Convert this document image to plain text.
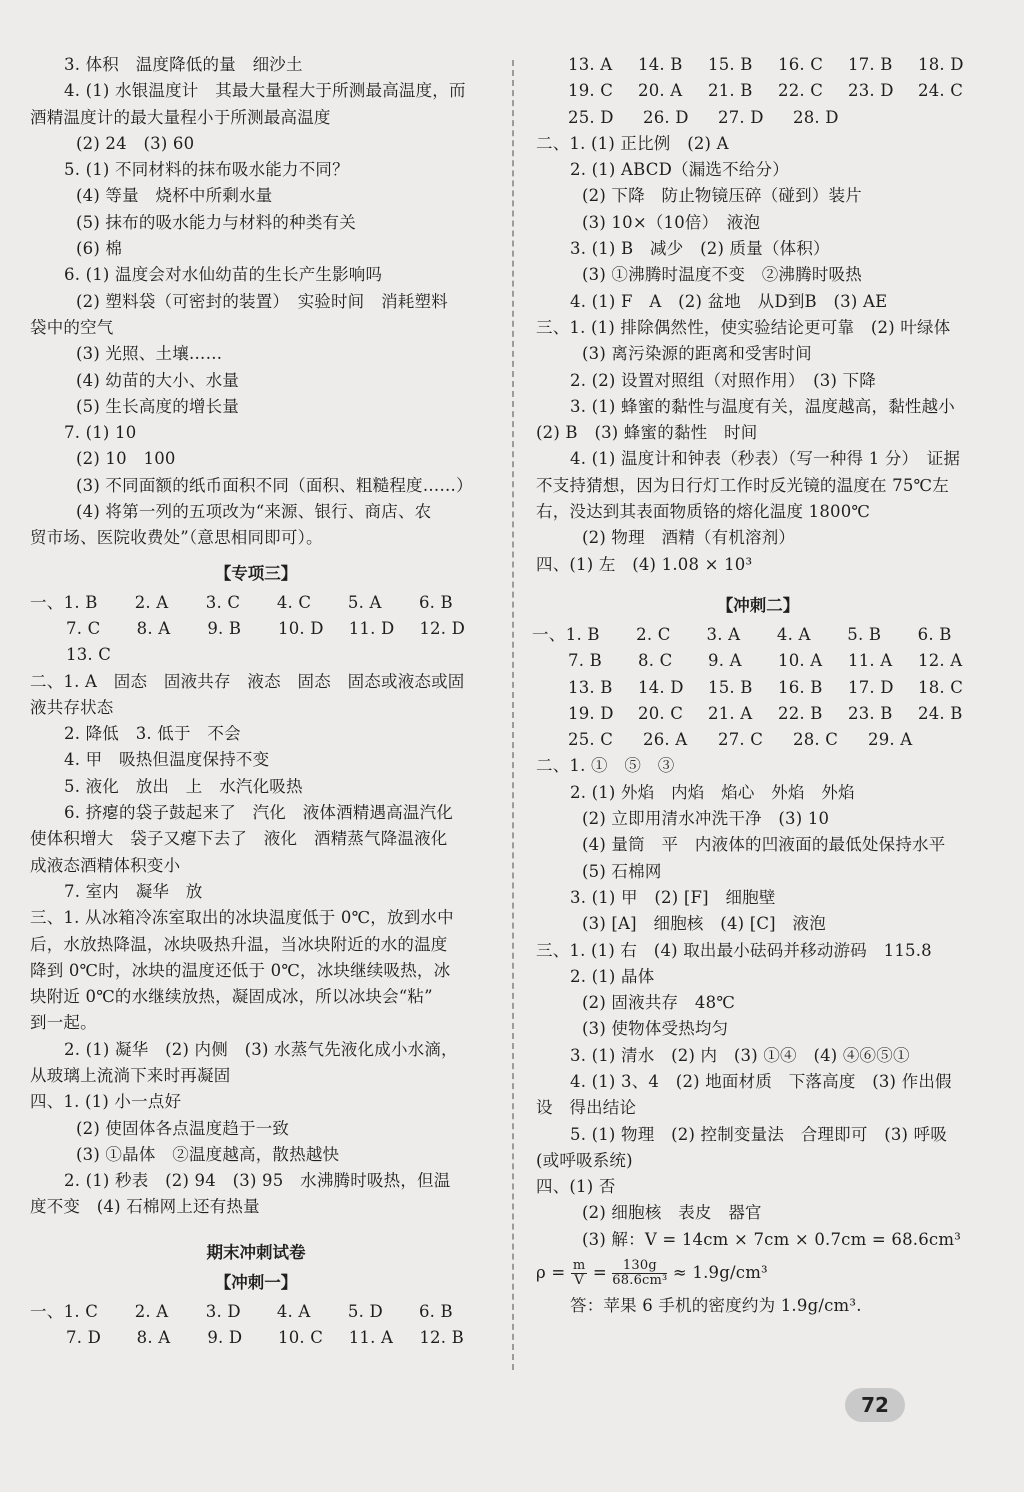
3. 体积　温度降低的量　细沙土
4. (1) 水银温度计　其最大量程大于所测最高温度，而
酒精温度计的最大量程小于所测最高温度
(2) 24　(3) 60
5. (1) 不同材料的抹布吸水能力不同？
(4) 等量　烧杯中所剩水量
(5) 抹布的吸水能力与材料的种类有关
(6) 棉
6. (1) 温度会对水仙幼苗的生长产生影响吗
(2) 塑料袋（可密封的装置）　实验时间　消耗塑料
袋中的空气
(3) 光照、土壤……
(4) 幼苗的大小、水量
(5) 生长高度的增长量
7. (1) 10
(2) 10　100
(3) 不同面额的纸币面积不同（面积、粗糙程度……）
(4) 将第一列的五项改为“来源、银行、商店、农
贸市场、医院收费处”（意思相同即可）。
【专项三】
一、 1. B	2. A	3. C	4. C	5. A	6. B
7. C	8. A	9. B	10. D	11. D	12. D
13. C
二、1. A　固态　固液共存　液态　固态　固态或液态或固
液共存状态
2. 降低　3. 低于　不会
4. 甲　吸热但温度保持不变
5. 液化　放出　上　水汽化吸热
6. 挤瘪的袋子鼓起来了　汽化　液体酒精遇高温汽化
使体积增大　袋子又瘪下去了　液化　酒精蒸气降温液化
成液态酒精体积变小
7. 室内　凝华　放
三、1. 从冰箱冷冻室取出的冰块温度低于 0℃，放到水中
后，水放热降温，冰块吸热升温，当冰块附近的水的温度
降到 0℃时，冰块的温度还低于 0℃，冰块继续吸热，冰
块附近 0℃的水继续放热，凝固成冰，所以冰块会“粘”
到一起。
2. (1) 凝华　(2) 内侧　(3) 水蒸气先液化成小水滴，
从玻璃上流淌下来时再凝固
四、1. (1) 小一点好
(2) 使固体各点温度趋于一致
(3) ①晶体　②温度越高，散热越快
2. (1) 秒表　(2) 94　(3) 95　水沸腾时吸热，但温
度不变　(4) 石棉网上还有热量
期末冲刺试卷
【冲刺一】
一、 1. C	2. A	3. D	4. A	5. D	6. B
7. D	8. A	9. D	10. C	11. A	12. B
13. A	14. B	15. B	16. C	17. B	18. D
19. C	20. A	21. B	22. C	23. D	24. C
25. D	26. D	27. D	28. D
二、1. (1) 正比例　(2) A
2. (1) ABCD（漏选不给分）
(2) 下降　防止物镜压碎（碰到）装片
(3) 10×（10倍）　液泡
3. (1) B　减少　(2) 质量（体积）
(3) ①沸腾时温度不变　②沸腾时吸热
4. (1) F　A　(2) 盆地　从D到B　(3) AE
三、1. (1) 排除偶然性，使实验结论更可靠　(2) 叶绿体
(3) 离污染源的距离和受害时间
2. (2) 设置对照组（对照作用）　(3) 下降
3. (1) 蜂蜜的黏性与温度有关，温度越高，黏性越小
(2) B　(3) 蜂蜜的黏性　时间
4. (1) 温度计和钟表（秒表）（写一种得 1 分）　证据
不支持猜想，因为日行灯工作时反光镜的温度在 75℃左
右，没达到其表面物质铬的熔化温度 1800℃
(2) 物理　酒精（有机溶剂）
四、(1) 左　(4) 1.08 × 10³
【冲刺二】
一、 1. B	2. C	3. A	4. A	5. B	6. B
7. B	8. C	9. A	10. A	11. A	12. A
13. B	14. D	15. B	16. B	17. D	18. C
19. D	20. C	21. A	22. B	23. B	24. B
25. C	26. A	27. C	28. C	29. A
二、1. ①　⑤　③
2. (1) 外焰　内焰　焰心　外焰　外焰
(2) 立即用清水冲洗干净　(3) 10
(4) 量筒　平　内液体的凹液面的最低处保持水平
(5) 石棉网
3. (1) 甲　(2) [F]　细胞壁
(3) [A]　细胞核　(4) [C]　液泡
三、1. (1) 右　(4) 取出最小砝码并移动游码　115.8
2. (1) 晶体
(2) 固液共存　48℃
(3) 使物体受热均匀
3. (1) 清水　(2) 内　(3) ①④　(4) ④⑥⑤①
4. (1) 3、4　(2) 地面材质　下落高度　(3) 作出假
设　得出结论
5. (1) 物理　(2) 控制变量法　合理即可　(3) 呼吸
(或呼吸系统)
四、(1) 否
(2) 细胞核　表皮　器官
(3) 解：V = 14cm × 7cm × 0.7cm = 68.6cm³
$\rho = \frac{m}{V} = \frac{130g}{\text{68.6cm³}} \approx 1.9g/cm^3$
答：苹果 6 手机的密度约为 1.9g/cm³.
72
